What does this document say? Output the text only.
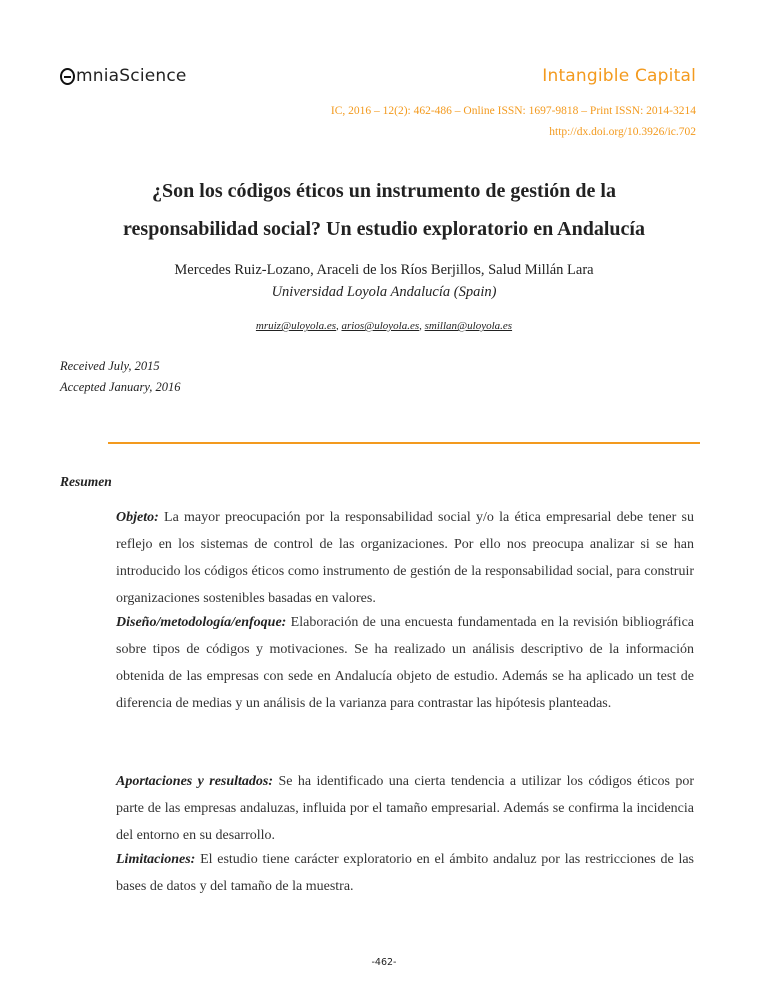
mniaScience	Intangible Capital
IC, 2016 – 12(2): 462-486 – Online ISSN: 1697-9818 – Print ISSN: 2014-3214
http://dx.doi.org/10.3926/ic.702
¿Son los códigos éticos un instrumento de gestión de la
responsabilidad social? Un estudio exploratorio en Andalucía
Mercedes Ruiz-Lozano, Araceli de los Ríos Berjillos, Salud Millán Lara
Universidad Loyola Andalucía (Spain)
mruiz@uloyola.es, arios@uloyola.es, smillan@uloyola.es
Received July, 2015
Accepted January, 2016
Resumen
Objeto: La mayor preocupación por la responsabilidad social y/o la ética empresarial debe tener su reflejo en los sistemas de control de las organizaciones. Por ello nos preocupa analizar si se han introducido los códigos éticos como instrumento de gestión de la responsabilidad social, para construir organizaciones sostenibles basadas en valores.
Diseño/metodología/enfoque: Elaboración de una encuesta fundamentada en la revisión bibliográfica sobre tipos de códigos y motivaciones. Se ha realizado un análisis descriptivo de la información obtenida de las empresas con sede en Andalucía objeto de estudio. Además se ha aplicado un test de diferencia de medias y un análisis de la varianza para contrastar las hipótesis planteadas.
Aportaciones y resultados: Se ha identificado una cierta tendencia a utilizar los códigos éticos por parte de las empresas andaluzas, influida por el tamaño empresarial. Además se confirma la incidencia del entorno en su desarrollo.
Limitaciones: El estudio tiene carácter exploratorio en el ámbito andaluz por las restricciones de las bases de datos y del tamaño de la muestra.
-462-
